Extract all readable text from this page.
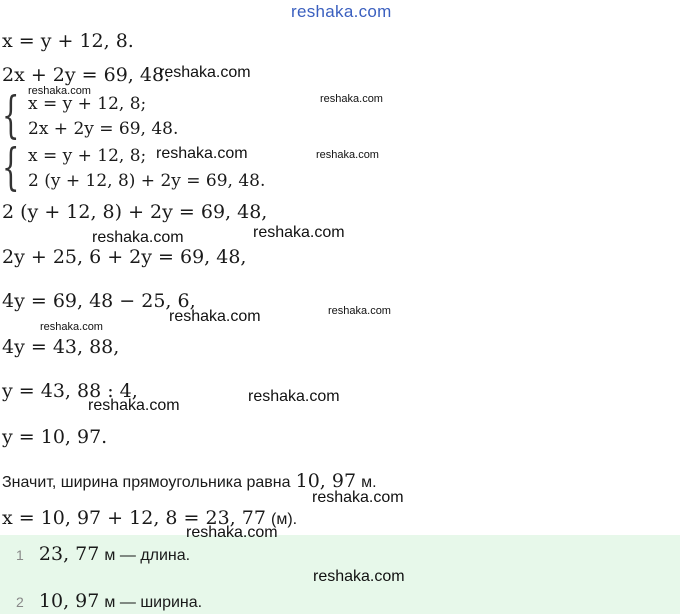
reshaka.com
x = y + 12, 8.
2x + 2y = 69, 48.
reshaka.com
reshaka.com
{ x = y + 12, 8;	reshaka.com
2x + 2y = 69, 48.
{ x = y + 12, 8; reshaka.com	reshaka.com
2 (y + 12, 8) + 2y = 69, 48.
2 (y + 12, 8) + 2y = 69, 48,
reshaka.com	reshaka.com
2y + 25, 6 + 2y = 69, 48,
4y = 69, 48 − 25, 6,
reshaka.com	reshaka.com
reshaka.com
4y = 43, 88,
y = 43, 88 : 4,	reshaka.com
reshaka.com
y = 10, 97.
Значит, ширина прямоугольника равна 10, 97 м.
reshaka.com
x = 10, 97 + 12, 8 = 23, 77 (м).
reshaka.com
1 23, 77 м — длина.
reshaka.com
2 10, 97 м — ширина.
